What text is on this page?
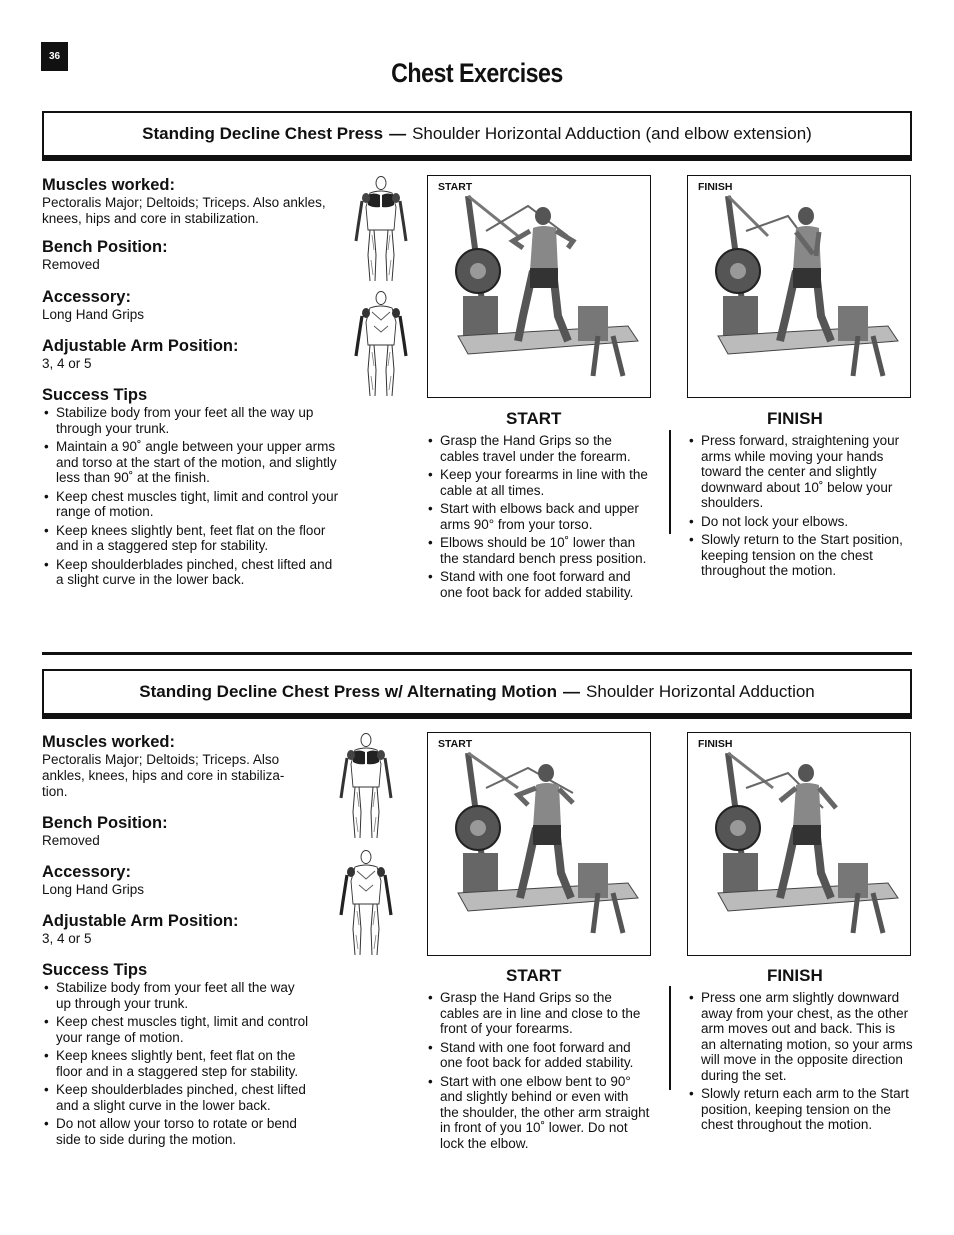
36
Chest Exercises
Standing Decline Chest Press — Shoulder Horizontal Adduction (and elbow extension)
Muscles worked:
Pectoralis Major; Deltoids; Triceps. Also ankles, knees, hips and core in stabilization.
Bench Position:
Removed
Accessory:
Long Hand Grips
Adjustable Arm Position:
3, 4 or 5
Success Tips
• Stabilize body from your feet all the way up through your trunk.
• Maintain a 90˚ angle between your upper arms and torso at the start of the motion, and slightly less than 90˚ at the finish.
• Keep chest muscles tight, limit and control your range of motion.
• Keep knees slightly bent, feet flat on the floor and in a staggered step for stability.
• Keep shoulderblades pinched, chest lifted and a slight curve in the lower back.
START	FINISH
START	FINISH
• Grasp the Hand Grips so the cables travel under the forearm.
• Keep your forearms in line with the cable at all times.
• Start with elbows back and upper arms 90° from your torso.
• Elbows should be 10˚ lower than the standard bench press position.
• Stand with one foot forward and one foot back for added stability.
• Press forward, straightening your arms while moving your hands toward the center and slightly downward about 10˚ below your shoulders.
• Do not lock your elbows.
• Slowly return to the Start position, keeping tension on the chest throughout the motion.
Standing Decline Chest Press w/ Alternating Motion — Shoulder Horizontal Adduction
Muscles worked:
Pectoralis Major; Deltoids; Triceps. Also ankles, knees, hips and core in stabiliza-tion.
Bench Position:
Removed
Accessory:
Long Hand Grips
Adjustable Arm Position:
3, 4 or 5
Success Tips
• Stabilize body from your feet all the way up through your trunk.
• Keep chest muscles tight, limit and control your range of motion.
• Keep knees slightly bent, feet flat on the floor and in a staggered step for stability.
• Keep shoulderblades pinched, chest lifted and a slight curve in the lower back.
• Do not allow your torso to rotate or bend side to side during the motion.
START	FINISH
START	FINISH
• Grasp the Hand Grips so the cables are in line and close to the front of your forearms.
• Stand with one foot forward and one foot back for added stability.
• Start with one elbow bent to 90° and slightly behind or even with the shoulder, the other arm straight in front of you 10˚ lower. Do not lock the elbow.
• Press one arm slightly downward away from your chest, as the other arm moves out and back. This is an alternating motion, so your arms will move in the opposite direction during the set.
• Slowly return each arm to the Start position, keeping tension on the chest throughout the motion.
